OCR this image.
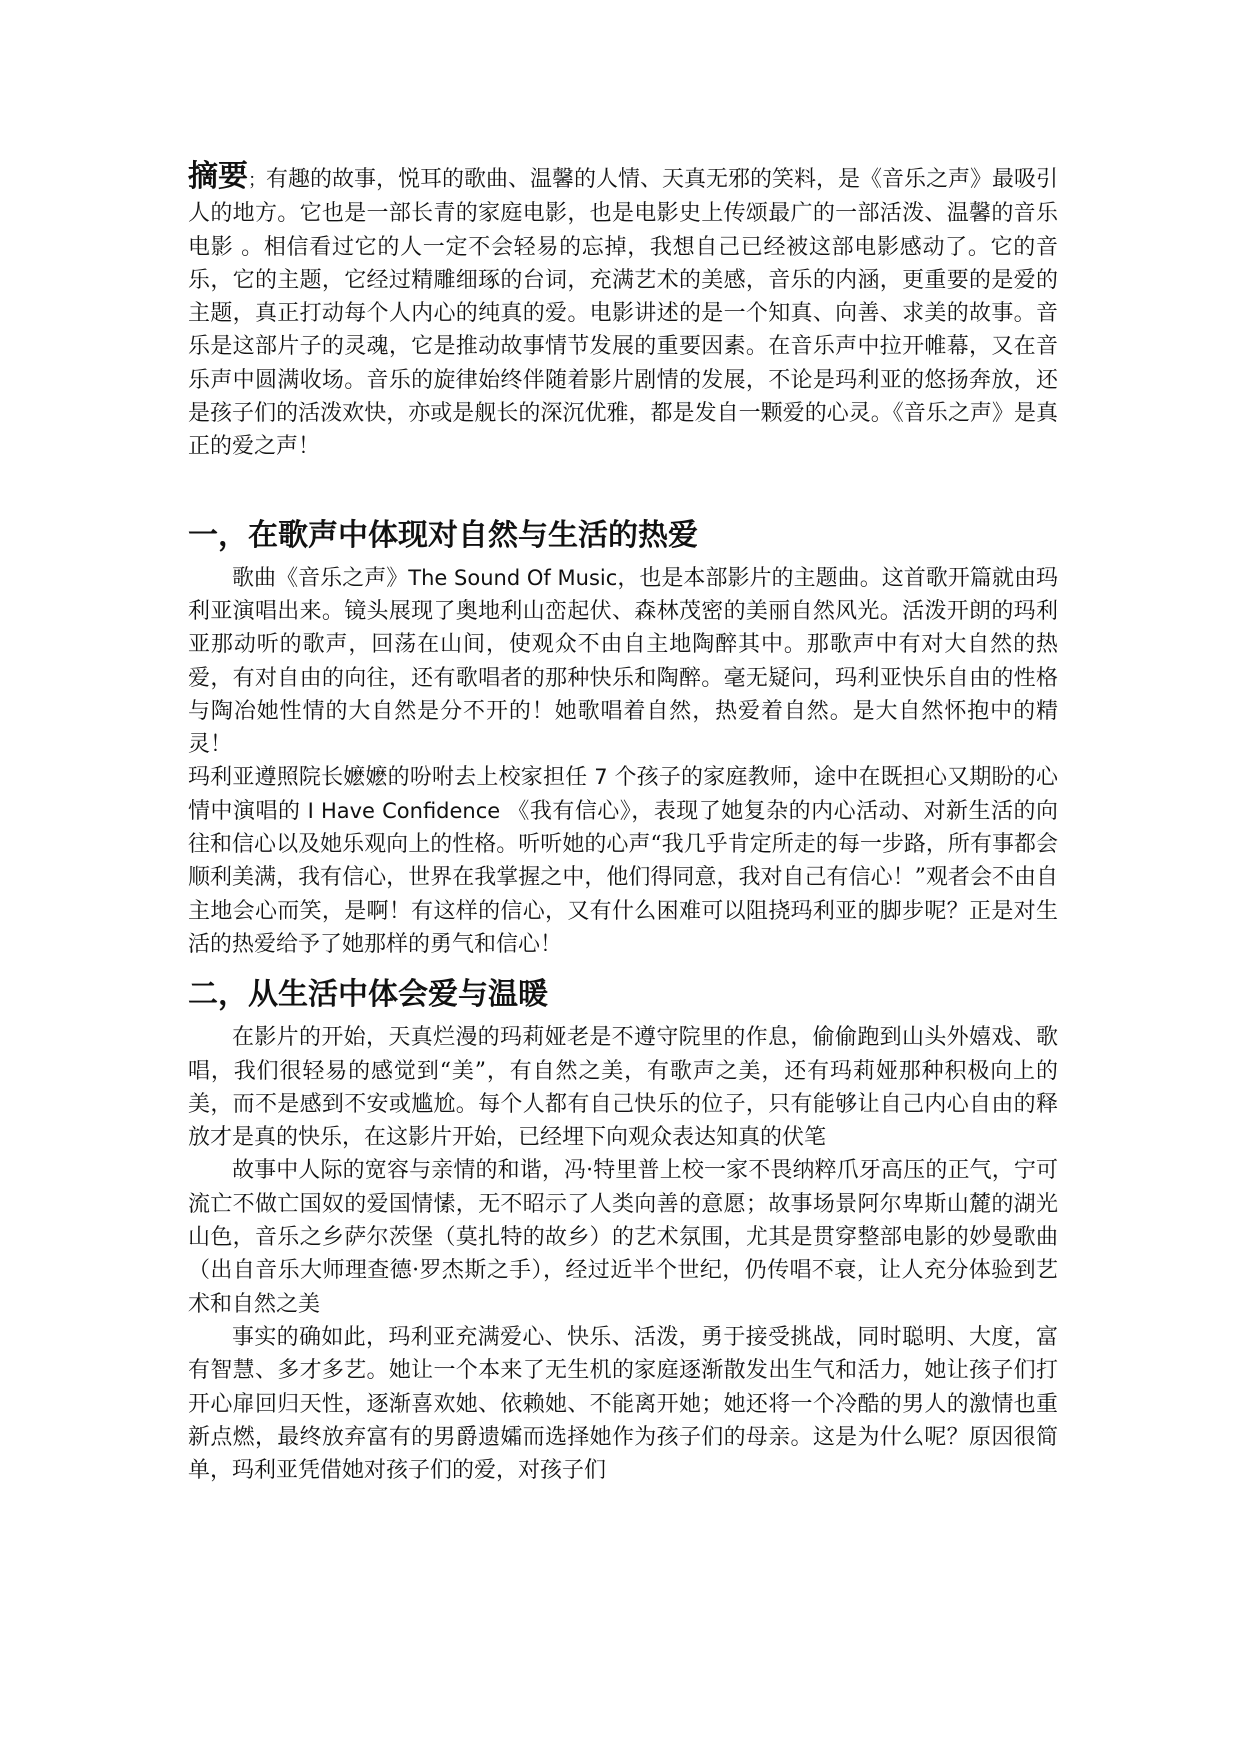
摘要；有趣的故事，悦耳的歌曲、温馨的人情、天真无邪的笑料，是《音乐之声》最吸引人的地方。它也是一部长青的家庭电影，也是电影史上传颂最广的一部活泼、温馨的音乐电影 。相信看过它的人一定不会轻易的忘掉，我想自己已经被这部电影感动了。它的音乐，它的主题，它经过精雕细琢的台词，充满艺术的美感，音乐的内涵，更重要的是爱的主题，真正打动每个人内心的纯真的爱。电影讲述的是一个知真、向善、求美的故事。音乐是这部片子的灵魂，它是推动故事情节发展的重要因素。在音乐声中拉开帷幕，又在音乐声中圆满收场。音乐的旋律始终伴随着影片剧情的发展，不论是玛利亚的悠扬奔放，还是孩子们的活泼欢快，亦或是舰长的深沉优雅，都是发自一颗爱的心灵。《音乐之声》是真正的爱之声！

一，在歌声中体现对自然与生活的热爱

歌曲《音乐之声》The Sound Of Music，也是本部影片的主题曲。这首歌开篇就由玛利亚演唱出来。镜头展现了奥地利山峦起伏、森林茂密的美丽自然风光。活泼开朗的玛利亚那动听的歌声，回荡在山间，使观众不由自主地陶醉其中。那歌声中有对大自然的热爱，有对自由的向往，还有歌唱者的那种快乐和陶醉。毫无疑问，玛利亚快乐自由的性格与陶冶她性情的大自然是分不开的！她歌唱着自然，热爱着自然。是大自然怀抱中的精灵！

玛利亚遵照院长嬷嬷的吩咐去上校家担任 7 个孩子的家庭教师，途中在既担心又期盼的心情中演唱的 I Have Confidence 《我有信心》，表现了她复杂的内心活动、对新生活的向往和信心以及她乐观向上的性格。听听她的心声“我几乎肯定所走的每一步路，所有事都会顺利美满，我有信心，世界在我掌握之中，他们得同意，我对自己有信心！”观者会不由自主地会心而笑，是啊！有这样的信心，又有什么困难可以阻挠玛利亚的脚步呢？正是对生活的热爱给予了她那样的勇气和信心！

二，从生活中体会爱与温暖

在影片的开始，天真烂漫的玛莉娅老是不遵守院里的作息，偷偷跑到山头外嬉戏、歌唱，我们很轻易的感觉到“美”，有自然之美，有歌声之美，还有玛莉娅那种积极向上的美，而不是感到不安或尴尬。每个人都有自己快乐的位子，只有能够让自己内心自由的释放才是真的快乐，在这影片开始，已经埋下向观众表达知真的伏笔

故事中人际的宽容与亲情的和谐，冯·特里普上校一家不畏纳粹爪牙高压的正气，宁可流亡不做亡国奴的爱国情愫，无不昭示了人类向善的意愿；故事场景阿尔卑斯山麓的湖光山色，音乐之乡萨尔茨堡（莫扎特的故乡）的艺术氛围，尤其是贯穿整部电影的妙曼歌曲（出自音乐大师理查德·罗杰斯之手），经过近半个世纪，仍传唱不衰，让人充分体验到艺术和自然之美

事实的确如此，玛利亚充满爱心、快乐、活泼，勇于接受挑战，同时聪明、大度，富有智慧、多才多艺。她让一个本来了无生机的家庭逐渐散发出生气和活力，她让孩子们打开心扉回归天性，逐渐喜欢她、依赖她、不能离开她；她还将一个冷酷的男人的激情也重新点燃，最终放弃富有的男爵遗孀而选择她作为孩子们的母亲。这是为什么呢？原因很简单，玛利亚凭借她对孩子们的爱，对孩子们
